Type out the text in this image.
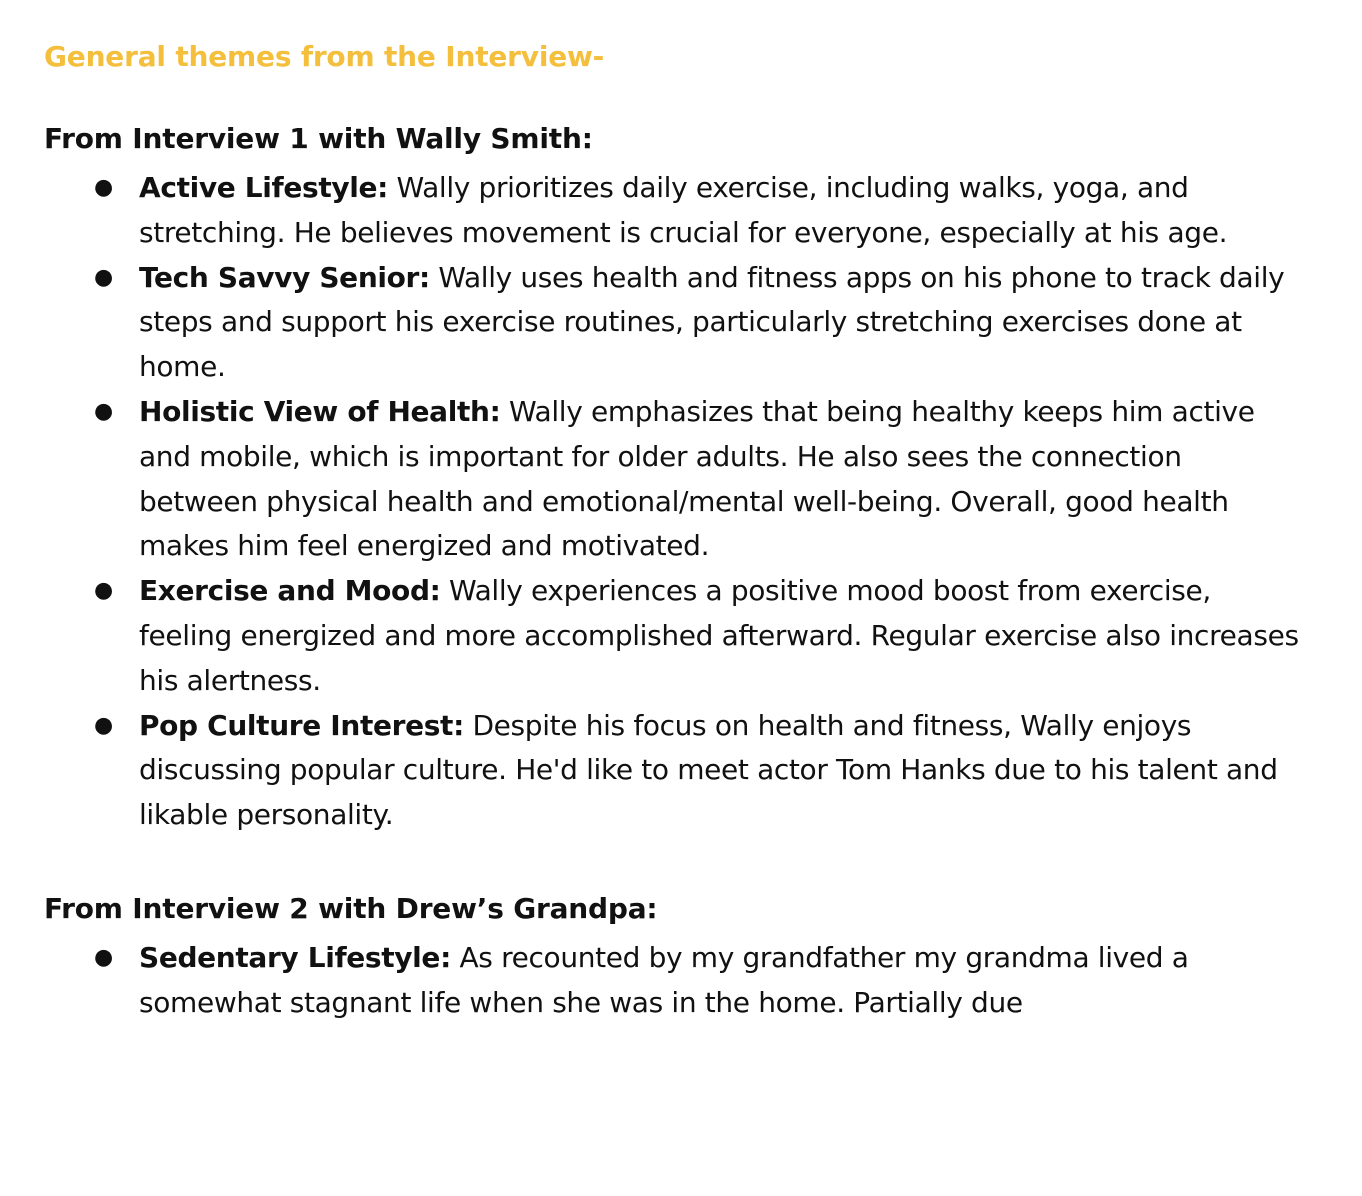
General themes from the Interview-
From Interview 1 with Wally Smith:
● Active Lifestyle: Wally prioritizes daily exercise, including walks, yoga, and stretching. He believes movement is crucial for everyone, especially at his age.
● Tech Savvy Senior: Wally uses health and fitness apps on his phone to track daily steps and support his exercise routines, particularly stretching exercises done at home.
● Holistic View of Health: Wally emphasizes that being healthy keeps him active and mobile, which is important for older adults. He also sees the connection between physical health and emotional/mental well-being. Overall, good health makes him feel energized and motivated.
● Exercise and Mood: Wally experiences a positive mood boost from exercise, feeling energized and more accomplished afterward. Regular exercise also increases his alertness.
● Pop Culture Interest: Despite his focus on health and fitness, Wally enjoys discussing popular culture. He'd like to meet actor Tom Hanks due to his talent and likable personality.
From Interview 2 with Drew’s Grandpa:
● Sedentary Lifestyle: As recounted by my grandfather my grandma lived a somewhat stagnant life when she was in the home. Partially due
